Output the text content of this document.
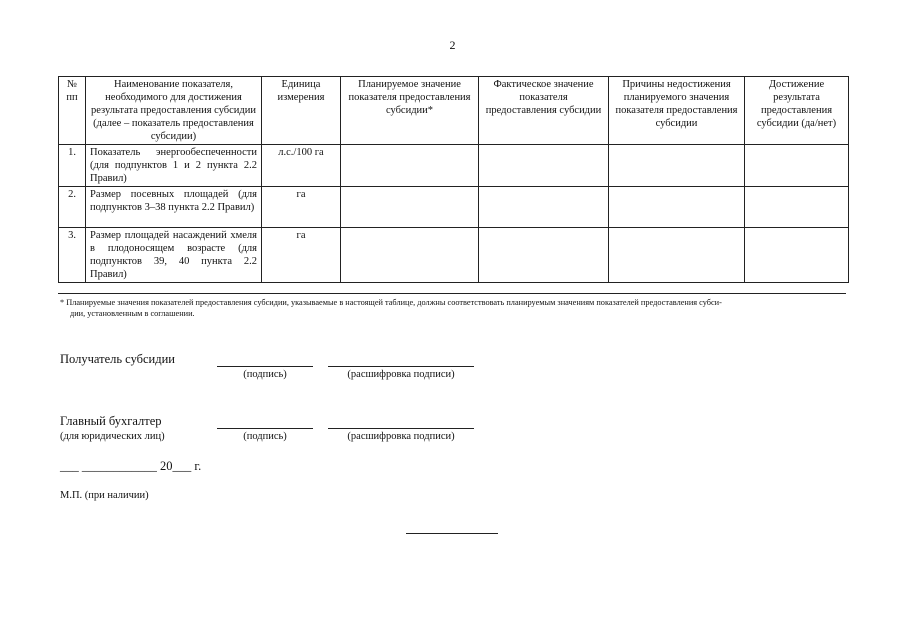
2
№ пп	Наименование показателя, необходимого для достижения результата предоставления субсидии (далее – показатель предоставления субсидии)	Единица измерения	Планируемое значение показателя предоставления субсидии*	Фактическое значение показателя предоставления субсидии	Причины недостижения планируемого значения показателя предоставления субсидии	Достижение результата предоставления субсидии (да/нет)
1.	Показатель энергообеспеченности (для подпунктов 1 и 2 пункта 2.2 Правил)	л.с./100 га				
2.	Размер посевных площадей (для подпунктов 3–38 пункта 2.2 Правил)	га				
3.	Размер площадей насаждений хмеля в плодоносящем возрасте (для подпунктов 39, 40 пункта 2.2 Правил)	га				
* Планируемые значения показателей предоставления субсидии, указываемые в настоящей таблице, должны соответствовать планируемым значениям показателей предоставления субси-
дии, установленным в соглашении.
Получатель субсидии
(подпись)	(расшифровка подписи)
Главный бухгалтер
(для юридических лиц)	(подпись)	(расшифровка подписи)
___ ____________ 20___ г.
М.П. (при наличии)
